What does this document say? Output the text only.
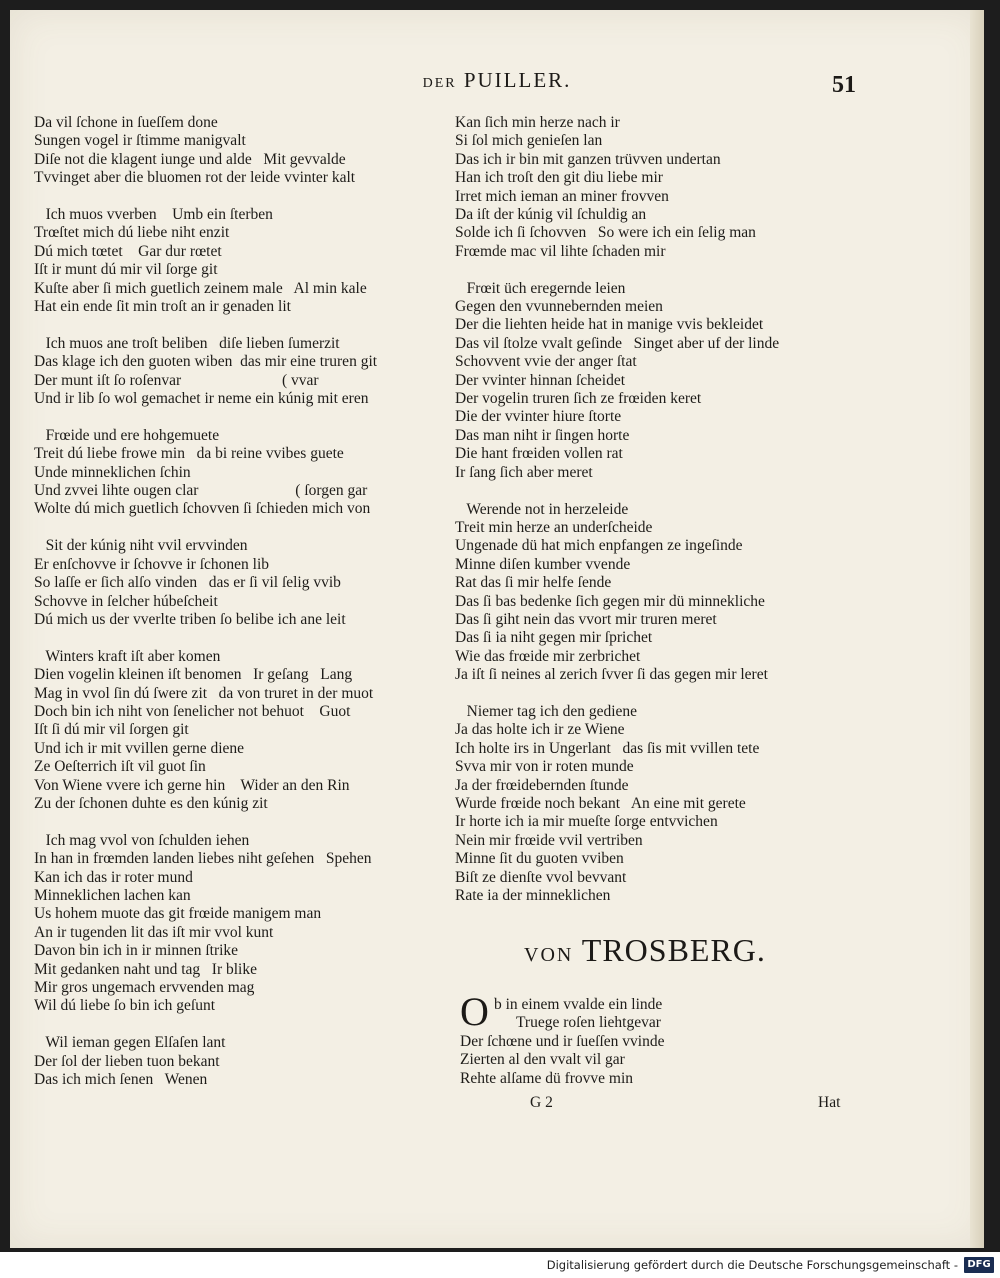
DER PUILLER.	51
Da vil ſchone in ſueſſem done
Sungen vogel ir ſtimme manigvalt
Diſe not die klagent iunge und alde   Mit gevvalde
Tvvinget aber die bluomen rot der leide vvinter kalt
Ich muos vverben    Umb ein ſterben
Trœſtet mich dú liebe niht enzit
Dú mich tœtet    Gar dur rœtet
Iſt ir munt dú mir vil ſorge git
Kuſte aber ſi mich guetlich zeinem male   Al min kale
Hat ein ende ſit min troſt an ir genaden lit
Ich muos ane troſt beliben   diſe lieben ſumerzit
Das klage ich den guoten wiben  das mir eine truren git
Der munt iſt ſo roſenvar                          ( vvar
Und ir lib ſo wol gemachet ir neme ein kúnig mit eren
Frœide und ere hohgemuete
Treit dú liebe frowe min   da bi reine vvibes guete
Unde minneklichen ſchin
Und zvvei lihte ougen clar                         ( ſorgen gar
Wolte dú mich guetlich ſchovven ſi ſchieden mich von
Sit der kúnig niht vvil ervvinden
Er enſchovve ir ſchovve ir ſchonen lib
So laſſe er ſich alſo vinden   das er ſi vil ſelig vvib
Schovve in ſelcher húbeſcheit
Dú mich us der vverlte triben ſo belibe ich ane leit
Winters kraft iſt aber komen
Dien vogelin kleinen iſt benomen   Ir geſang   Lang
Mag in vvol ſin dú ſwere zit   da von truret in der muot
Doch bin ich niht von ſenelicher not behuot    Guot
Iſt ſi dú mir vil ſorgen git
Und ich ir mit vvillen gerne diene
Ze Oeſterrich iſt vil guot ſin
Von Wiene vvere ich gerne hin    Wider an den Rin
Zu der ſchonen duhte es den kúnig zit
Ich mag vvol von ſchulden iehen
In han in frœmden landen liebes niht geſehen   Spehen
Kan ich das ir roter mund
Minneklichen lachen kan
Us hohem muote das git frœide manigem man
An ir tugenden lit das iſt mir vvol kunt
Davon bin ich in ir minnen ſtrike
Mit gedanken naht und tag   Ir blike
Mir gros ungemach ervvenden mag
Wil dú liebe ſo bin ich geſunt
Wil ieman gegen Elſaſen lant
Der ſol der lieben tuon bekant
Das ich mich ſenen   Wenen
Kan ſich min herze nach ir
Si ſol mich genieſen lan
Das ich ir bin mit ganzen trüvven undertan
Han ich troſt den git diu liebe mir
Irret mich ieman an miner frovven
Da iſt der kúnig vil ſchuldig an
Solde ich ſi ſchovven   So were ich ein ſelig man
Frœmde mac vil lihte ſchaden mir
Frœit üch eregernde leien
Gegen den vvunnebernden meien
Der die liehten heide hat in manige vvis bekleidet
Das vil ſtolze vvalt geſinde   Singet aber uf der linde
Schovvent vvie der anger ſtat
Der vvinter hinnan ſcheidet
Der vogelin truren ſich ze frœiden keret
Die der vvinter hiure ſtorte
Das man niht ir ſingen horte
Die hant frœiden vollen rat
Ir ſang ſich aber meret
Werende not in herzeleide
Treit min herze an underſcheide
Ungenade dü hat mich enpfangen ze ingeſinde
Minne diſen kumber vvende
Rat das ſi mir helfe ſende
Das ſi bas bedenke ſich gegen mir dü minnekliche
Das ſi giht nein das vvort mir truren meret
Das ſi ia niht gegen mir ſprichet
Wie das frœide mir zerbrichet
Ja iſt ſi neines al zerich ſvver ſi das gegen mir leret
Niemer tag ich den gediene
Ja das holte ich ir ze Wiene
Ich holte irs in Ungerlant   das ſis mit vvillen tete
Svva mir von ir roten munde
Ja der frœidebernden ſtunde
Wurde frœide noch bekant   An eine mit gerete
Ir horte ich ia mir mueſte ſorge entvvichen
Nein mir frœide vvil vertriben
Minne ſit du guoten vviben
Biſt ze dienſte vvol bevvant
Rate ia der minneklichen
VON TROSBERG.
O b in einem vvalde ein linde
Truege roſen liehtgevar
Der ſchœne und ir ſueſſen vvinde
Zierten al den vvalt vil gar
Rehte alſame dü frovve min
G 2	Hat
Digitalisierung gefördert durch die Deutsche Forschungsgemeinschaft - DFG
